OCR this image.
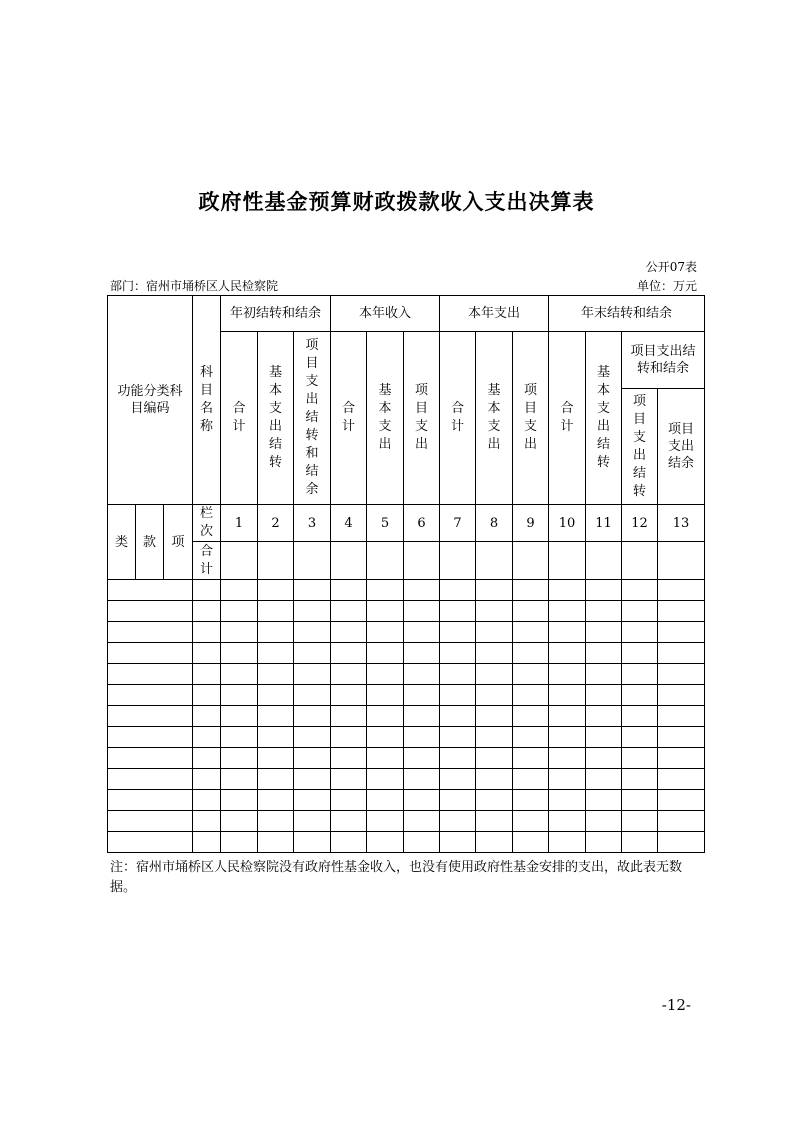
政府性基金预算财政拨款收入支出决算表
公开07表
部门：宿州市埇桥区人民检察院	单位：万元
功能分类科目编码			科目名称	年初结转和结余			本年收入			本年支出			年末结转和结余			
				合计	基本支出结转	项目支出结转和结余	合计	基本支出	项目支出	合计	基本支出	项目支出	合计	基本支出结转	项目支出结转和结余	
															项目支出结转	项目支出结余
类	款	项	栏次	1	2	3	4	5	6	7	8	9	10	11	12	13
			合计													

注：宿州市埇桥区人民检察院没有政府性基金收入，也没有使用政府性基金安排的支出，故此表无数据。
-12-
